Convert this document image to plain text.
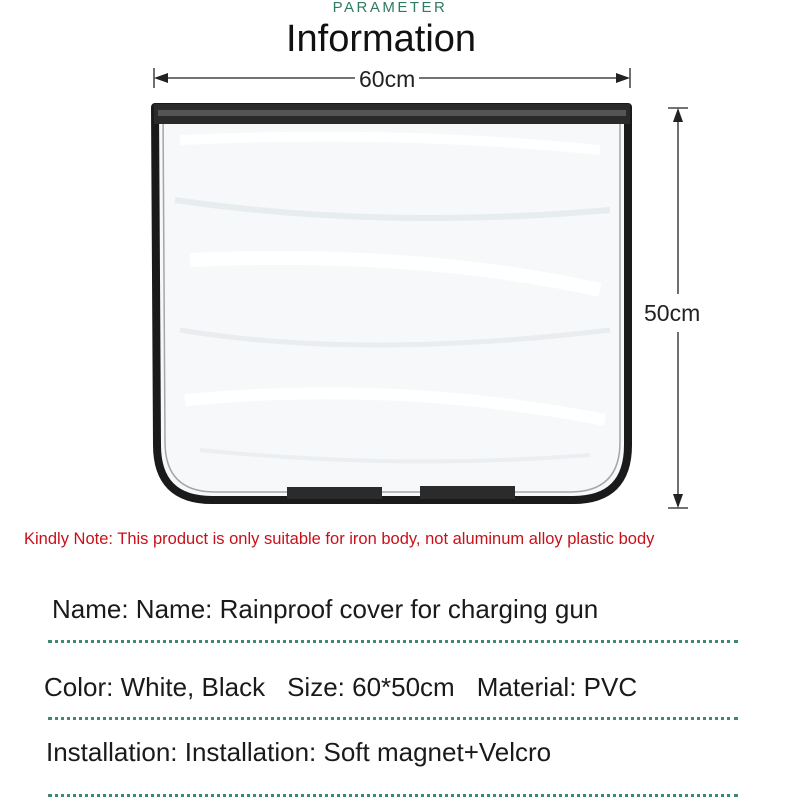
PARAMETER
Information
60cm
50cm
Kindly Note: This product is only suitable for iron body, not aluminum alloy plastic body
Name: Name: Rainproof cover for charging gun
Color: White, Black Size: 60*50cm Material: PVC
Installation: Installation: Soft magnet+Velcro
